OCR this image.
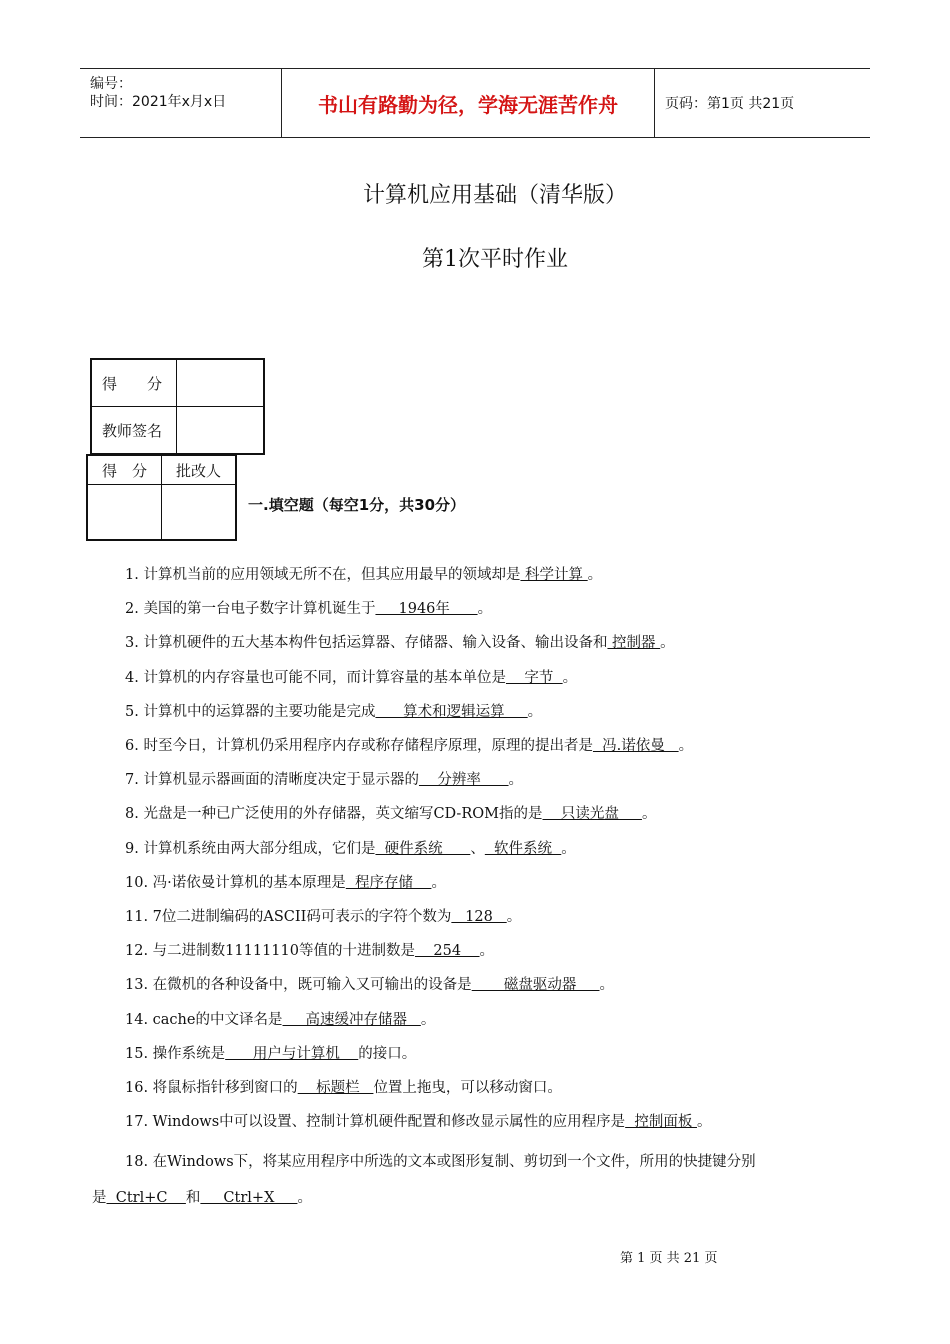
编号：
时间：2021年x月x日	书山有路勤为径，学海无涯苦作舟	页码：第1页 共21页
计算机应用基础（清华版）
第1次平时作业
得　　分	
教师签名	
得　分	批改人

一.填空题（每空1分，共30分）
1. 计算机当前的应用领域无所不在，但其应用最早的领域却是 科学计算 。
2. 美国的第一台电子数字计算机诞生于     1946年      。
3. 计算机硬件的五大基本构件包括运算器、存储器、输入设备、输出设备和 控制器 。
4. 计算机的内存容量也可能不同，而计算容量的基本单位是    字节  。
5. 计算机中的运算器的主要功能是完成      算术和逻辑运算     。
6. 时至今日，计算机仍采用程序内存或称存储程序原理，原理的提出者是  冯.诺依曼   。
7. 计算机显示器画面的清晰度决定于显示器的    分辨率      。
8. 光盘是一种已广泛使用的外存储器，英文缩写CD-ROM指的是    只读光盘     。
9. 计算机系统由两大部分组成，它们是  硬件系统      、  软件系统  。
10. 冯·诺依曼计算机的基本原理是  程序存储    。
11. 7位二进制编码的ASCII码可表示的字符个数为   128   。
12. 与二进制数11111110等值的十进制数是    254    。
13. 在微机的各种设备中，既可输入又可输出的设备是       磁盘驱动器     。
14. cache的中文译名是     高速缓冲存储器   。
15. 操作系统是      用户与计算机    的接口。
16. 将鼠标指针移到窗口的    标题栏   位置上拖曳，可以移动窗口。
17. Windows中可以设置、控制计算机硬件配置和修改显示属性的应用程序是  控制面板 。
18. 在Windows下，将某应用程序中所选的文本或图形复制、剪切到一个文件，所用的快捷键分别
是  Ctrl+C    和     Ctrl+X     。
第 1 页 共 21 页
